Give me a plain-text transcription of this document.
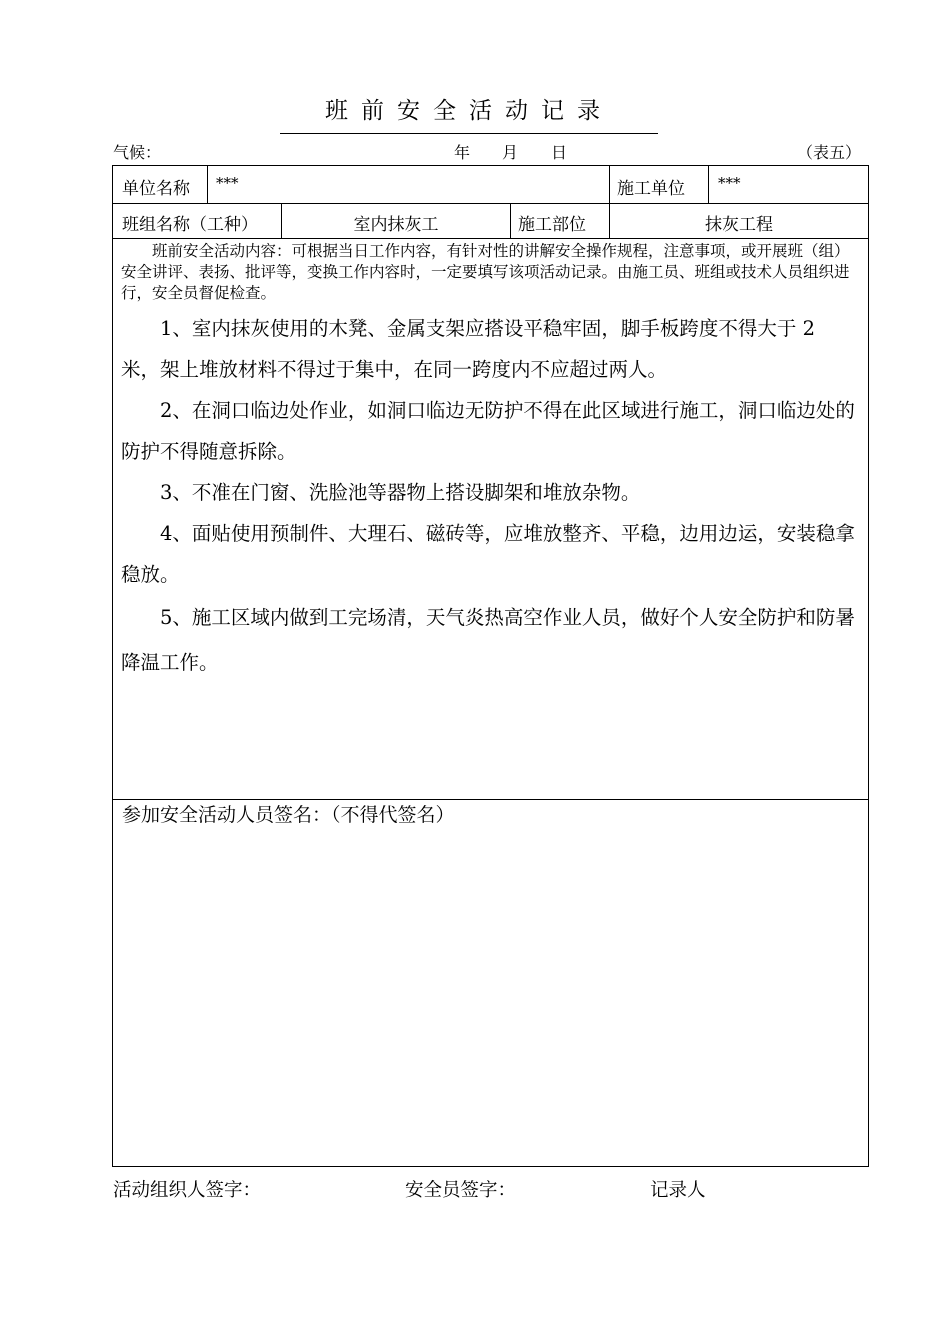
班前安全活动记录
气候：	年 月 日	（表五）
单位名称	***	施工单位	***
班组名称（工种）	室内抹灰工	施工部位	抹灰工程

班前安全活动内容：可根据当日工作内容，有针对性的讲解安全操作规程，注意事项，或开展班（组）安全讲评、表扬、批评等，变换工作内容时，一定要填写该项活动记录。由施工员、班组或技术人员组织进行，安全员督促检查。

1、室内抹灰使用的木凳、金属支架应搭设平稳牢固，脚手板跨度不得大于 2 米，架上堆放材料不得过于集中，在同一跨度内不应超过两人。

2、在洞口临边处作业，如洞口临边无防护不得在此区域进行施工，洞口临边处的防护不得随意拆除。

3、不准在门窗、洗脸池等器物上搭设脚架和堆放杂物。

4、面贴使用预制件、大理石、磁砖等，应堆放整齐、平稳，边用边运，安装稳拿稳放。

5、施工区域内做到工完场清，天气炎热高空作业人员，做好个人安全防护和防暑降温工作。

参加安全活动人员签名：（不得代签名）
活动组织人签字：	安全员签字：	记录人
